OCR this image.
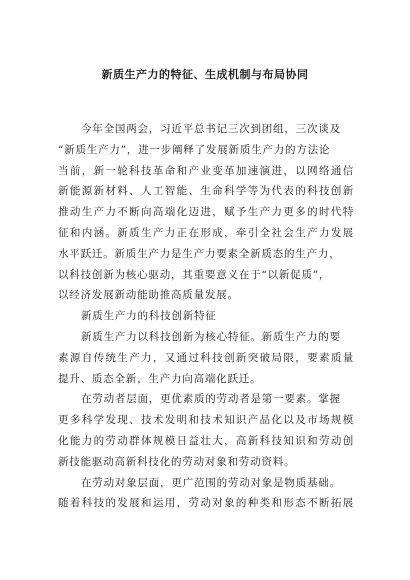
新质生产力的特征、生成机制与布局协同
今年全国两会，习近平总书记三次到团组，三次谈及
“新质生产力”，进一步阐释了发展新质生产力的方法论
当前，新一轮科技革命和产业变革加速演进，以网络通信
新能源新材料、人工智能、生命科学等为代表的科技创新
推动生产力不断向高端化迈进，赋予生产力更多的时代特
征和内涵。新质生产力正在形成，牵引全社会生产力发展
水平跃迁。新质生产力是生产力要素全新质态的生产力，
以科技创新为核心驱动，其重要意义在于“以新促质”，
以经济发展新动能助推高质量发展。
新质生产力的科技创新特征
新质生产力以科技创新为核心特征。新质生产力的要
素源自传统生产力，又通过科技创新突破局限，要素质量
提升、质态全新，生产力向高端化跃迁。
在劳动者层面，更优素质的劳动者是第一要素。掌握
更多科学发现、技术发明和技术知识产品化以及市场规模
化能力的劳动群体规模日益壮大，高新科技知识和劳动创
新技能驱动高新科技化的劳动对象和劳动资料。
在劳动对象层面，更广范围的劳动对象是物质基础。
随着科技的发展和运用，劳动对象的种类和形态不断拓展
